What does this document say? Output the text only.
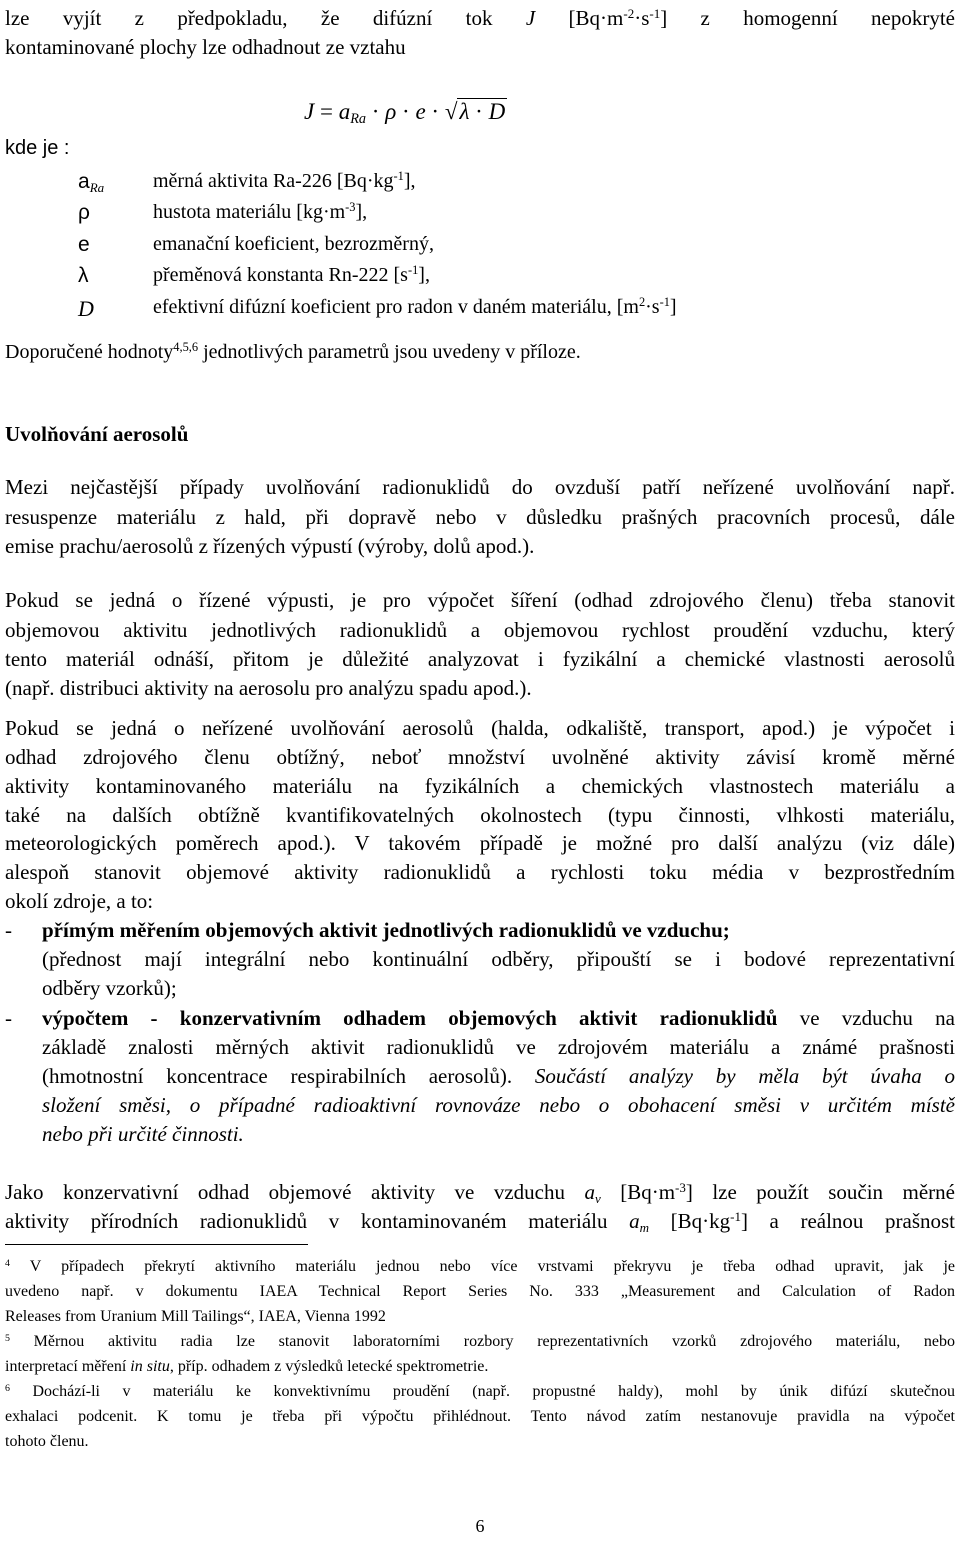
lze vyjít z předpokladu, že difúzní tok J $[Bq\cdot m^{-2}\cdot s^{-1}]$ z homogenní nepokryté
kontaminované plochy lze odhadnout ze vztahu
$J = a_{Ra} \cdot \rho \cdot e \cdot √\lambda \cdot D$
kde je :
$a_{Ra}$	měrná aktivita Ra-226 $[Bq\cdot kg^{-1}]$,
ρ	hustota materiálu $[kg\cdot m^{-3}]$,
e	emanační koeficient, bezrozměrný,
λ	přeměnová konstanta Rn-222 $[s^{-1}]$,
D	efektivní difúzní koeficient pro radon v daném materiálu, $[m^2\cdot s^{-1}]$
Doporučené hodnoty$^{4,5,6}$ jednotlivých parametrů jsou uvedeny v příloze.
Uvolňování aerosolů
Mezi nejčastější případy uvolňování radionuklidů do ovzduší patří neřízené uvolňování např.
resuspenze materiálu z hald, při dopravě nebo v důsledku prašných pracovních procesů, dále
emise prachu/aerosolů z řízených výpustí (výroby, dolů apod.).
Pokud se jedná o řízené výpusti, je pro výpočet šíření (odhad zdrojového členu) třeba stanovit
objemovou aktivitu jednotlivých radionuklidů a objemovou rychlost proudění vzduchu, který
tento materiál odnáší, přitom je důležité analyzovat i fyzikální a chemické vlastnosti aerosolů
(např. distribuci aktivity na aerosolu pro analýzu spadu apod.).
Pokud se jedná o neřízené uvolňování aerosolů (halda, odkaliště, transport, apod.) je výpočet i
odhad zdrojového členu obtížný, neboť množství uvolněné aktivity závisí kromě měrné
aktivity kontaminovaného materiálu na fyzikálních a chemických vlastnostech materiálu a
také na dalších obtížně kvantifikovatelných okolnostech (typu činnosti, vlhkosti materiálu,
meteorologických poměrech apod.). V takovém případě je možné pro další analýzu (viz dále)
alespoň stanovit objemové aktivity radionuklidů a rychlosti toku média v bezprostředním
okolí zdroje, a to:
- přímým měřením objemových aktivit jednotlivých radionuklidů ve vzduchu;
(přednost mají integrální nebo kontinuální odběry, připouští se i bodové reprezentativní
odběry vzorků);
- výpočtem - konzervativním odhadem objemových aktivit radionuklidů ve vzduchu na
základě znalosti měrných aktivit radionuklidů ve zdrojovém materiálu a známé prašnosti
(hmotnostní koncentrace respirabilních aerosolů). Součástí analýzy by měla být úvaha o
složení směsi, o případné radioaktivní rovnováze nebo o obohacení směsi v určitém místě
nebo při určité činnosti.
Jako konzervativní odhad objemové aktivity ve vzduchu $a_v$ $[Bq\cdot m^{-3}]$ lze použít součin měrné
aktivity přírodních radionuklidů v kontaminovaném materiálu $a_m$ $[Bq\cdot kg^{-1}]$ a reálnou prašnost
$^4$ V případech překrytí aktivního materiálu jednou nebo více vrstvami překryvu je třeba odhad upravit, jak je
uvedeno např. v dokumentu IAEA Technical Report Series No. 333 „Measurement and Calculation of Radon
Releases from Uranium Mill Tailings“, IAEA, Vienna 1992
$^5$ Měrnou aktivitu radia lze stanovit laboratorními rozbory reprezentativních vzorků zdrojového materiálu, nebo
interpretací měření in situ, příp. odhadem z výsledků letecké spektrometrie.
$^6$ Dochází-li v materiálu ke konvektivnímu proudění (např. propustné haldy), mohl by únik difúzí skutečnou
exhalaci podcenit. K tomu je třeba při výpočtu přihlédnout. Tento návod zatím nestanovuje pravidla na výpočet
tohoto členu.
6
